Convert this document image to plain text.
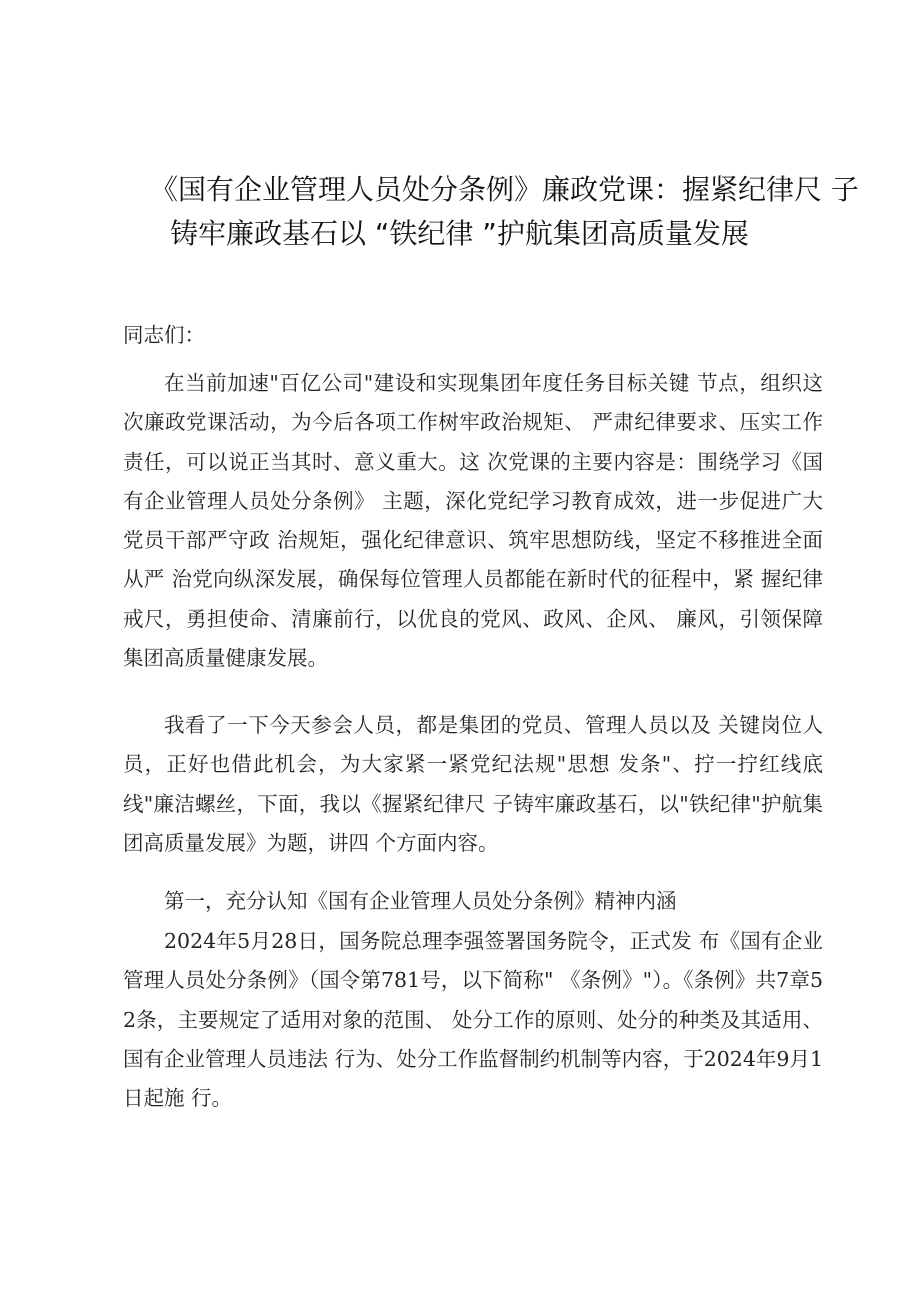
《国有企业管理人员处分条例》廉政党课：握紧纪律尺 子
铸牢廉政基石以 “铁纪律 ”护航集团高质量发展
同志们：
在当前加速"百亿公司"建设和实现集团年度任务目标关键 节点，组织这次廉政党课活动，为今后各项工作树牢政治规矩、 严肃纪律要求、压实工作责任，可以说正当其时、意义重大。这 次党课的主要内容是：围绕学习《国有企业管理人员处分条例》 主题，深化党纪学习教育成效，进一步促进广大党员干部严守政 治规矩，强化纪律意识、筑牢思想防线，坚定不移推进全面从严 治党向纵深发展，确保每位管理人员都能在新时代的征程中，紧 握纪律戒尺，勇担使命、清廉前行，以优良的党风、政风、企风、 廉风，引领保障集团高质量健康发展。
我看了一下今天参会人员，都是集团的党员、管理人员以及 关键岗位人员，正好也借此机会，为大家紧一紧党纪法规"思想 发条"、拧一拧红线底线"廉洁螺丝，下面，我以《握紧纪律尺 子铸牢廉政基石，以"铁纪律"护航集团高质量发展》为题，讲四 个方面内容。
第一，充分认知《国有企业管理人员处分条例》精神内涵
2024年5月28日，国务院总理李强签署国务院令，正式发 布《国有企业管理人员处分条例》（国令第781号，以下简称" 《条例》"）。《条例》共7章52条，主要规定了适用对象的范围、 处分工作的原则、处分的种类及其适用、国有企业管理人员违法 行为、处分工作监督制约机制等内容，于2024年9月1日起施 行。
